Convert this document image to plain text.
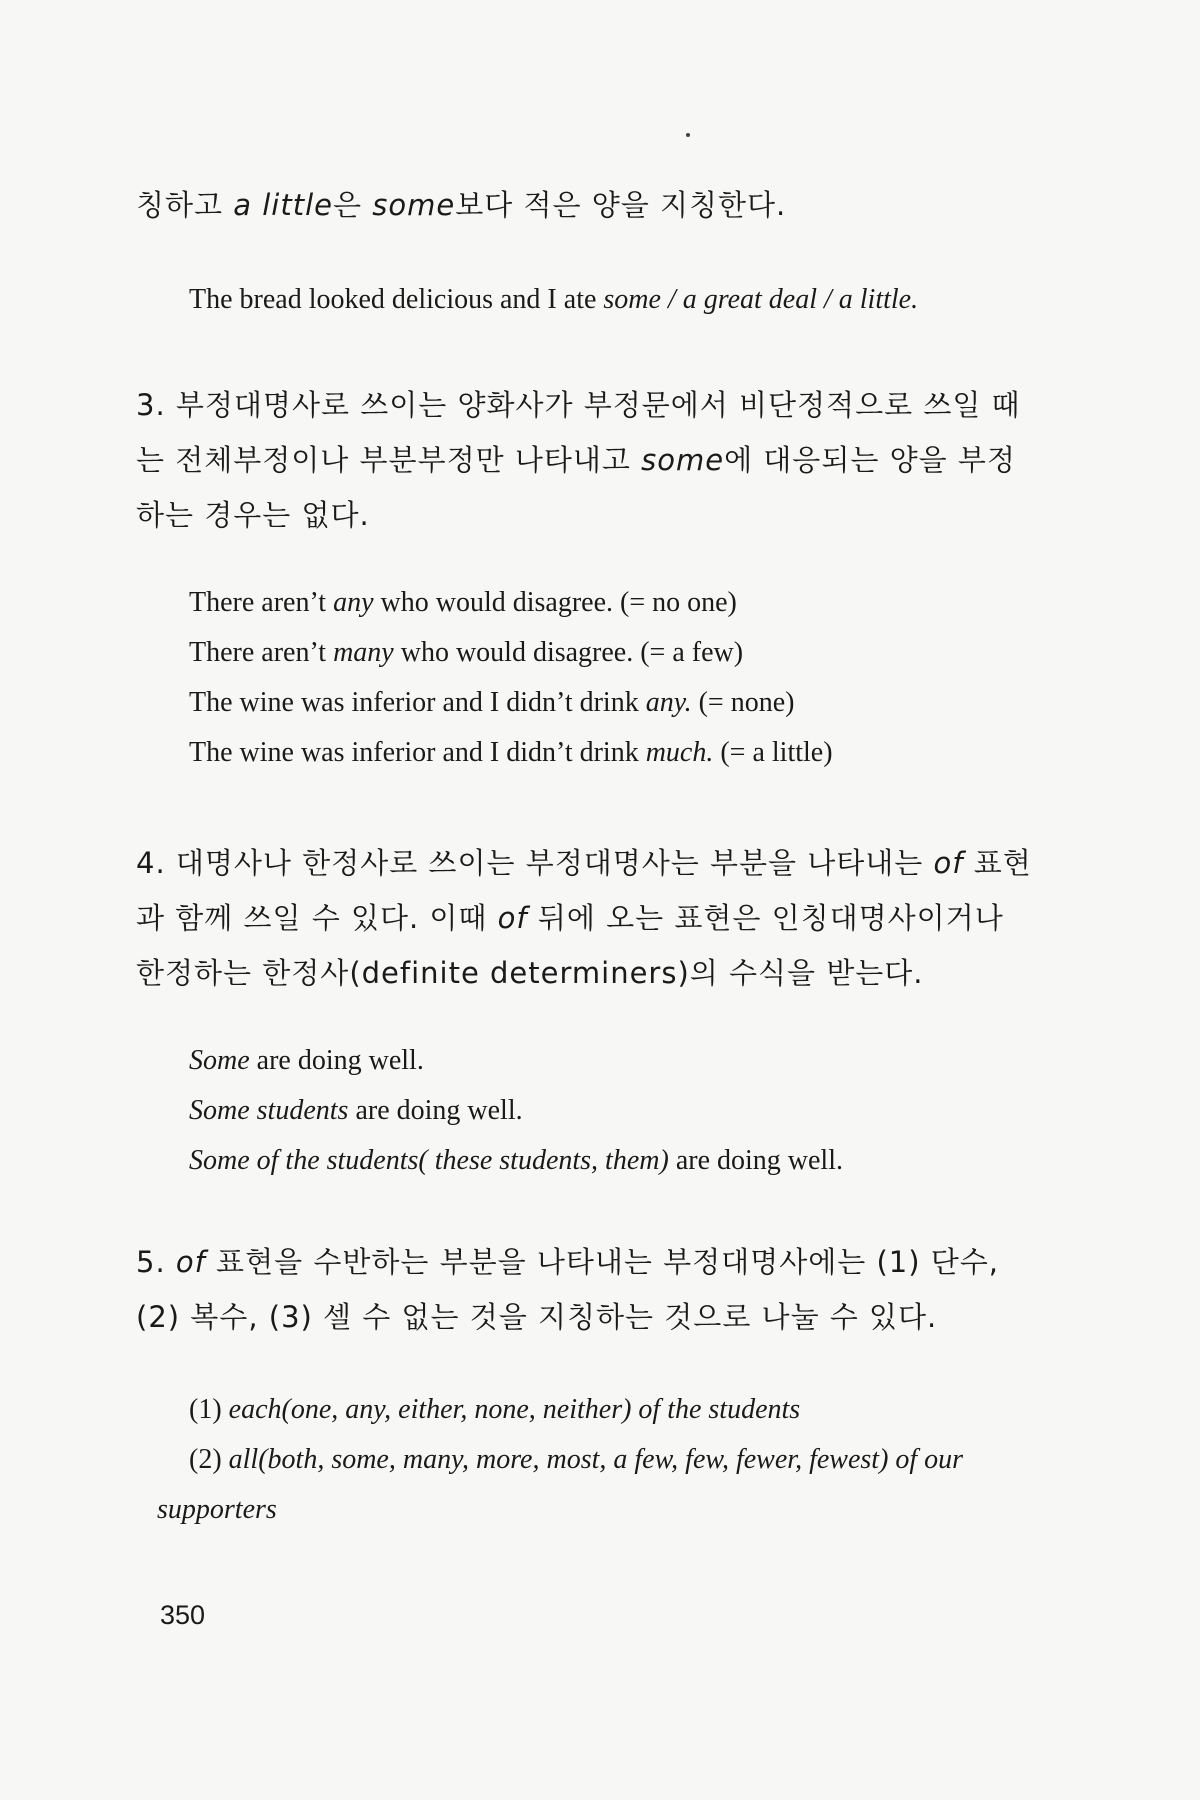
칭하고 a little은 some보다 적은 양을 지칭한다.
The bread looked delicious and I ate some / a great deal / a little.
3. 부정대명사로 쓰이는 양화사가 부정문에서 비단정적으로 쓰일 때는 전체부정이나 부분부정만 나타내고 some에 대응되는 양을 부정하는 경우는 없다.
There aren’t any who would disagree. (= no one)
There aren’t many who would disagree. (= a few)
The wine was inferior and I didn’t drink any. (= none)
The wine was inferior and I didn’t drink much. (= a little)
4. 대명사나 한정사로 쓰이는 부정대명사는 부분을 나타내는 of 표현과 함께 쓰일 수 있다. 이때 of 뒤에 오는 표현은 인칭대명사이거나 한정하는 한정사(definite determiners)의 수식을 받는다.
Some are doing well.
Some students are doing well.
Some of the students( these students, them) are doing well.
5. of 표현을 수반하는 부분을 나타내는 부정대명사에는 (1) 단수, (2) 복수, (3) 셀 수 없는 것을 지칭하는 것으로 나눌 수 있다.
(1) each(one, any, either, none, neither) of the students
(2) all(both, some, many, more, most, a few, few, fewer, fewest) of our
supporters
350
